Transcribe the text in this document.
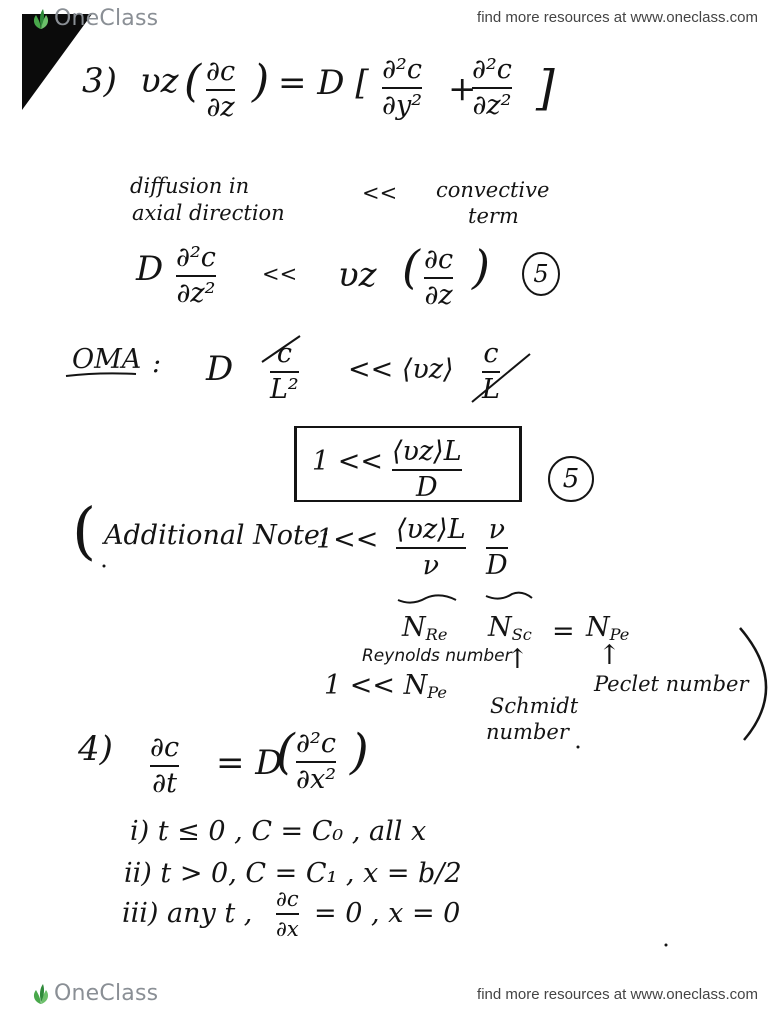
OneClass	find more resources at www.oneclass.com
3) υz ( ∂c
∂z
) = D [ ∂²c
∂y² +
∂²c
∂z² ]
diffusion in
axial direction
<< convective
term
D ∂²c
∂z²
<< υz ( ∂c
∂z
)	5
OMA : D c
L²
<< ⟨υz⟩
c
L
1 << ⟨υz⟩L
D	5
( Additional Note:
1<< ⟨υz⟩L
ν
ν
D
$N_{Re}$ $N_{Sc} = N_{Pe}$
Reynolds number
↑	↑
Schmidt
number
Peclet number
$1 << N_{Pe}$
4) ∂c
∂t
= D
( ∂²c
∂x² )
i) t ≤ 0 , C = C₀ , all x
ii) t > 0, C = C₁ , x = b/2
iii) any t , ∂c
∂x
= 0 , x = 0
OneClass	find more resources at www.oneclass.com
